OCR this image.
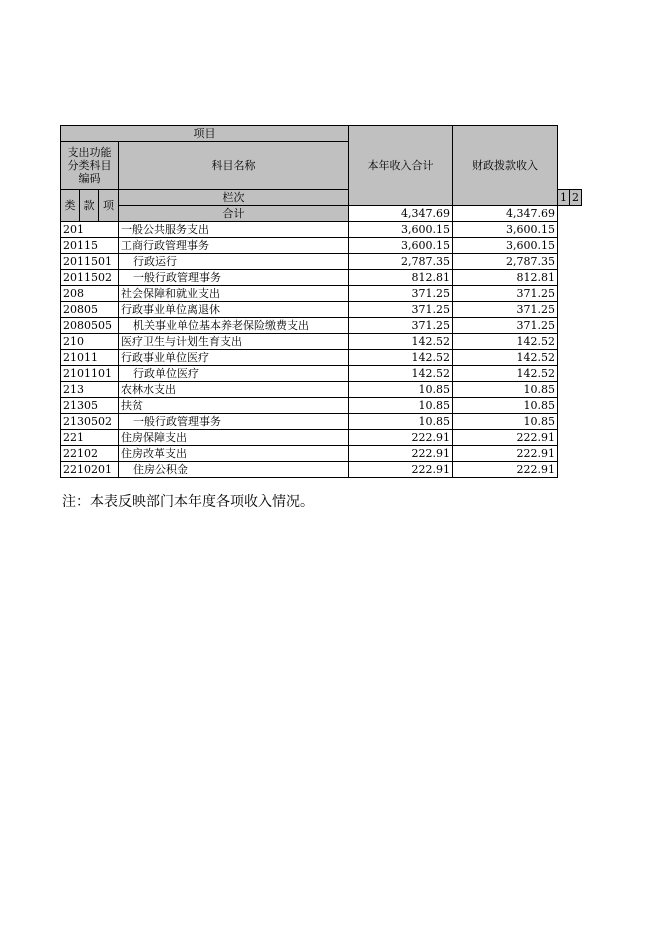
项目				本年收入合计	财政拨款收入		
支出功能分类科目编码			科目名称				
类	款	项	栏次			1	2
			合计	4,347.69	4,347.69		
201			一般公共服务支出	3,600.15	3,600.15		
20115			工商行政管理事务	3,600.15	3,600.15		
2011501			行政运行	2,787.35	2,787.35		
2011502			一般行政管理事务	812.81	812.81		
208			社会保障和就业支出	371.25	371.25		
20805			行政事业单位离退休	371.25	371.25		
2080505			机关事业单位基本养老保险缴费支出	371.25	371.25		
210			医疗卫生与计划生育支出	142.52	142.52		
21011			行政事业单位医疗	142.52	142.52		
2101101			行政单位医疗	142.52	142.52		
213			农林水支出	10.85	10.85		
21305			扶贫	10.85	10.85		
2130502			一般行政管理事务	10.85	10.85		
221			住房保障支出	222.91	222.91		
22102			住房改革支出	222.91	222.91		
2210201			住房公积金	222.91	222.91		
注：本表反映部门本年度各项收入情况。
